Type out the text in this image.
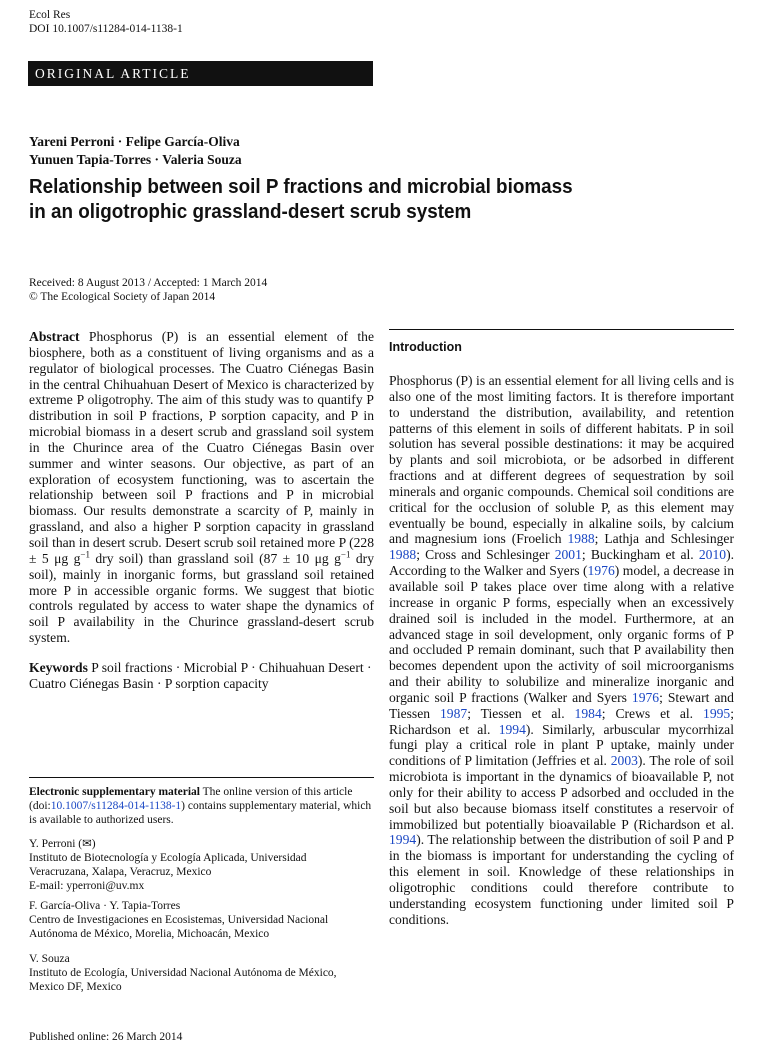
Ecol Res
DOI 10.1007/s11284-014-1138-1
ORIGINAL ARTICLE
Yareni Perroni · Felipe García-Oliva
Yunuen Tapia-Torres · Valeria Souza
Relationship between soil P fractions and microbial biomass
in an oligotrophic grassland-desert scrub system
Received: 8 August 2013 / Accepted: 1 March 2014
© The Ecological Society of Japan 2014

Abstract Phosphorus (P) is an essential element of the biosphere, both as a constituent of living organisms and as a regulator of biological processes. The Cuatro Ciénegas Basin in the central Chihuahuan Desert of Mexico is characterized by extreme P oligotrophy. The aim of this study was to quantify P distribution in soil P fractions, P sorption capacity, and P in microbial biomass in a desert scrub and grassland soil system in the Churince area of the Cuatro Ciénegas Basin over summer and winter seasons. Our objective, as part of an exploration of ecosystem functioning, was to ascertain the relationship between soil P fractions and P in microbial biomass. Our results demonstrate a scarcity of P, mainly in grassland, and also a higher P sorption capacity in grassland soil than in desert scrub. Desert scrub soil retained more P (228 ± 5 μg $g^{-1}$ dry soil) than grassland soil (87 ± 10 μg $g^{-1}$ dry soil), mainly in inorganic forms, but grassland soil retained more P in accessible organic forms. We suggest that biotic controls regulated by access to water shape the dynamics of soil P availability in the Churince grassland-desert scrub system.

Keywords P soil fractions · Microbial P · Chihuahuan Desert · Cuatro Ciénegas Basin · P sorption capacity

Electronic supplementary material The online version of this article (doi:10.1007/s11284-014-1138-1) contains supplementary material, which is available to authorized users.
Y. Perroni (✉)
Instituto de Biotecnología y Ecología Aplicada, Universidad
Veracruzana, Xalapa, Veracruz, Mexico
E-mail: yperroni@uv.mx
F. García-Oliva · Y. Tapia-Torres
Centro de Investigaciones en Ecosistemas, Universidad Nacional
Autónoma de México, Morelia, Michoacán, Mexico
V. Souza
Instituto de Ecología, Universidad Nacional Autónoma de México,
Mexico DF, Mexico
Published online: 26 March 2014
Introduction

Phosphorus (P) is an essential element for all living cells and is also one of the most limiting factors. It is therefore important to understand the distribution, availability, and retention patterns of this element in soils of different habitats. P in soil solution has several possible destinations: it may be acquired by plants and soil microbiota, or be adsorbed in different fractions and at different degrees of sequestration by soil minerals and organic compounds. Chemical soil conditions are critical for the occlusion of soluble P, as this element may eventually be bound, especially in alkaline soils, by calcium and magnesium ions (Froelich 1988; Lathja and Schlesinger 1988; Cross and Schlesinger 2001; Buckingham et al. 2010). According to the Walker and Syers (1976) model, a decrease in available soil P takes place over time along with a relative increase in organic P forms, especially when an excessively drained soil is included in the model. Furthermore, at an advanced stage in soil development, only organic forms of P and occluded P remain dominant, such that P availability then becomes dependent upon the activity of soil microorganisms and their ability to solubilize and mineralize inorganic and organic soil P fractions (Walker and Syers 1976; Stewart and Tiessen 1987; Tiessen et al. 1984; Crews et al. 1995; Richardson et al. 1994). Similarly, arbuscular mycorrhizal fungi play a critical role in plant P uptake, mainly under conditions of P limitation (Jeffries et al. 2003). The role of soil microbiota is important in the dynamics of bioavailable P, not only for their ability to access P adsorbed and occluded in the soil but also because biomass itself constitutes a reservoir of immobilized but potentially bioavailable P (Richardson et al. 1994). The relationship between the distribution of soil P and P in the biomass is important for understanding the cycling of this element in soil. Knowledge of these relationships in oligotrophic conditions could therefore contribute to understanding ecosystem functioning under limited soil P conditions.
